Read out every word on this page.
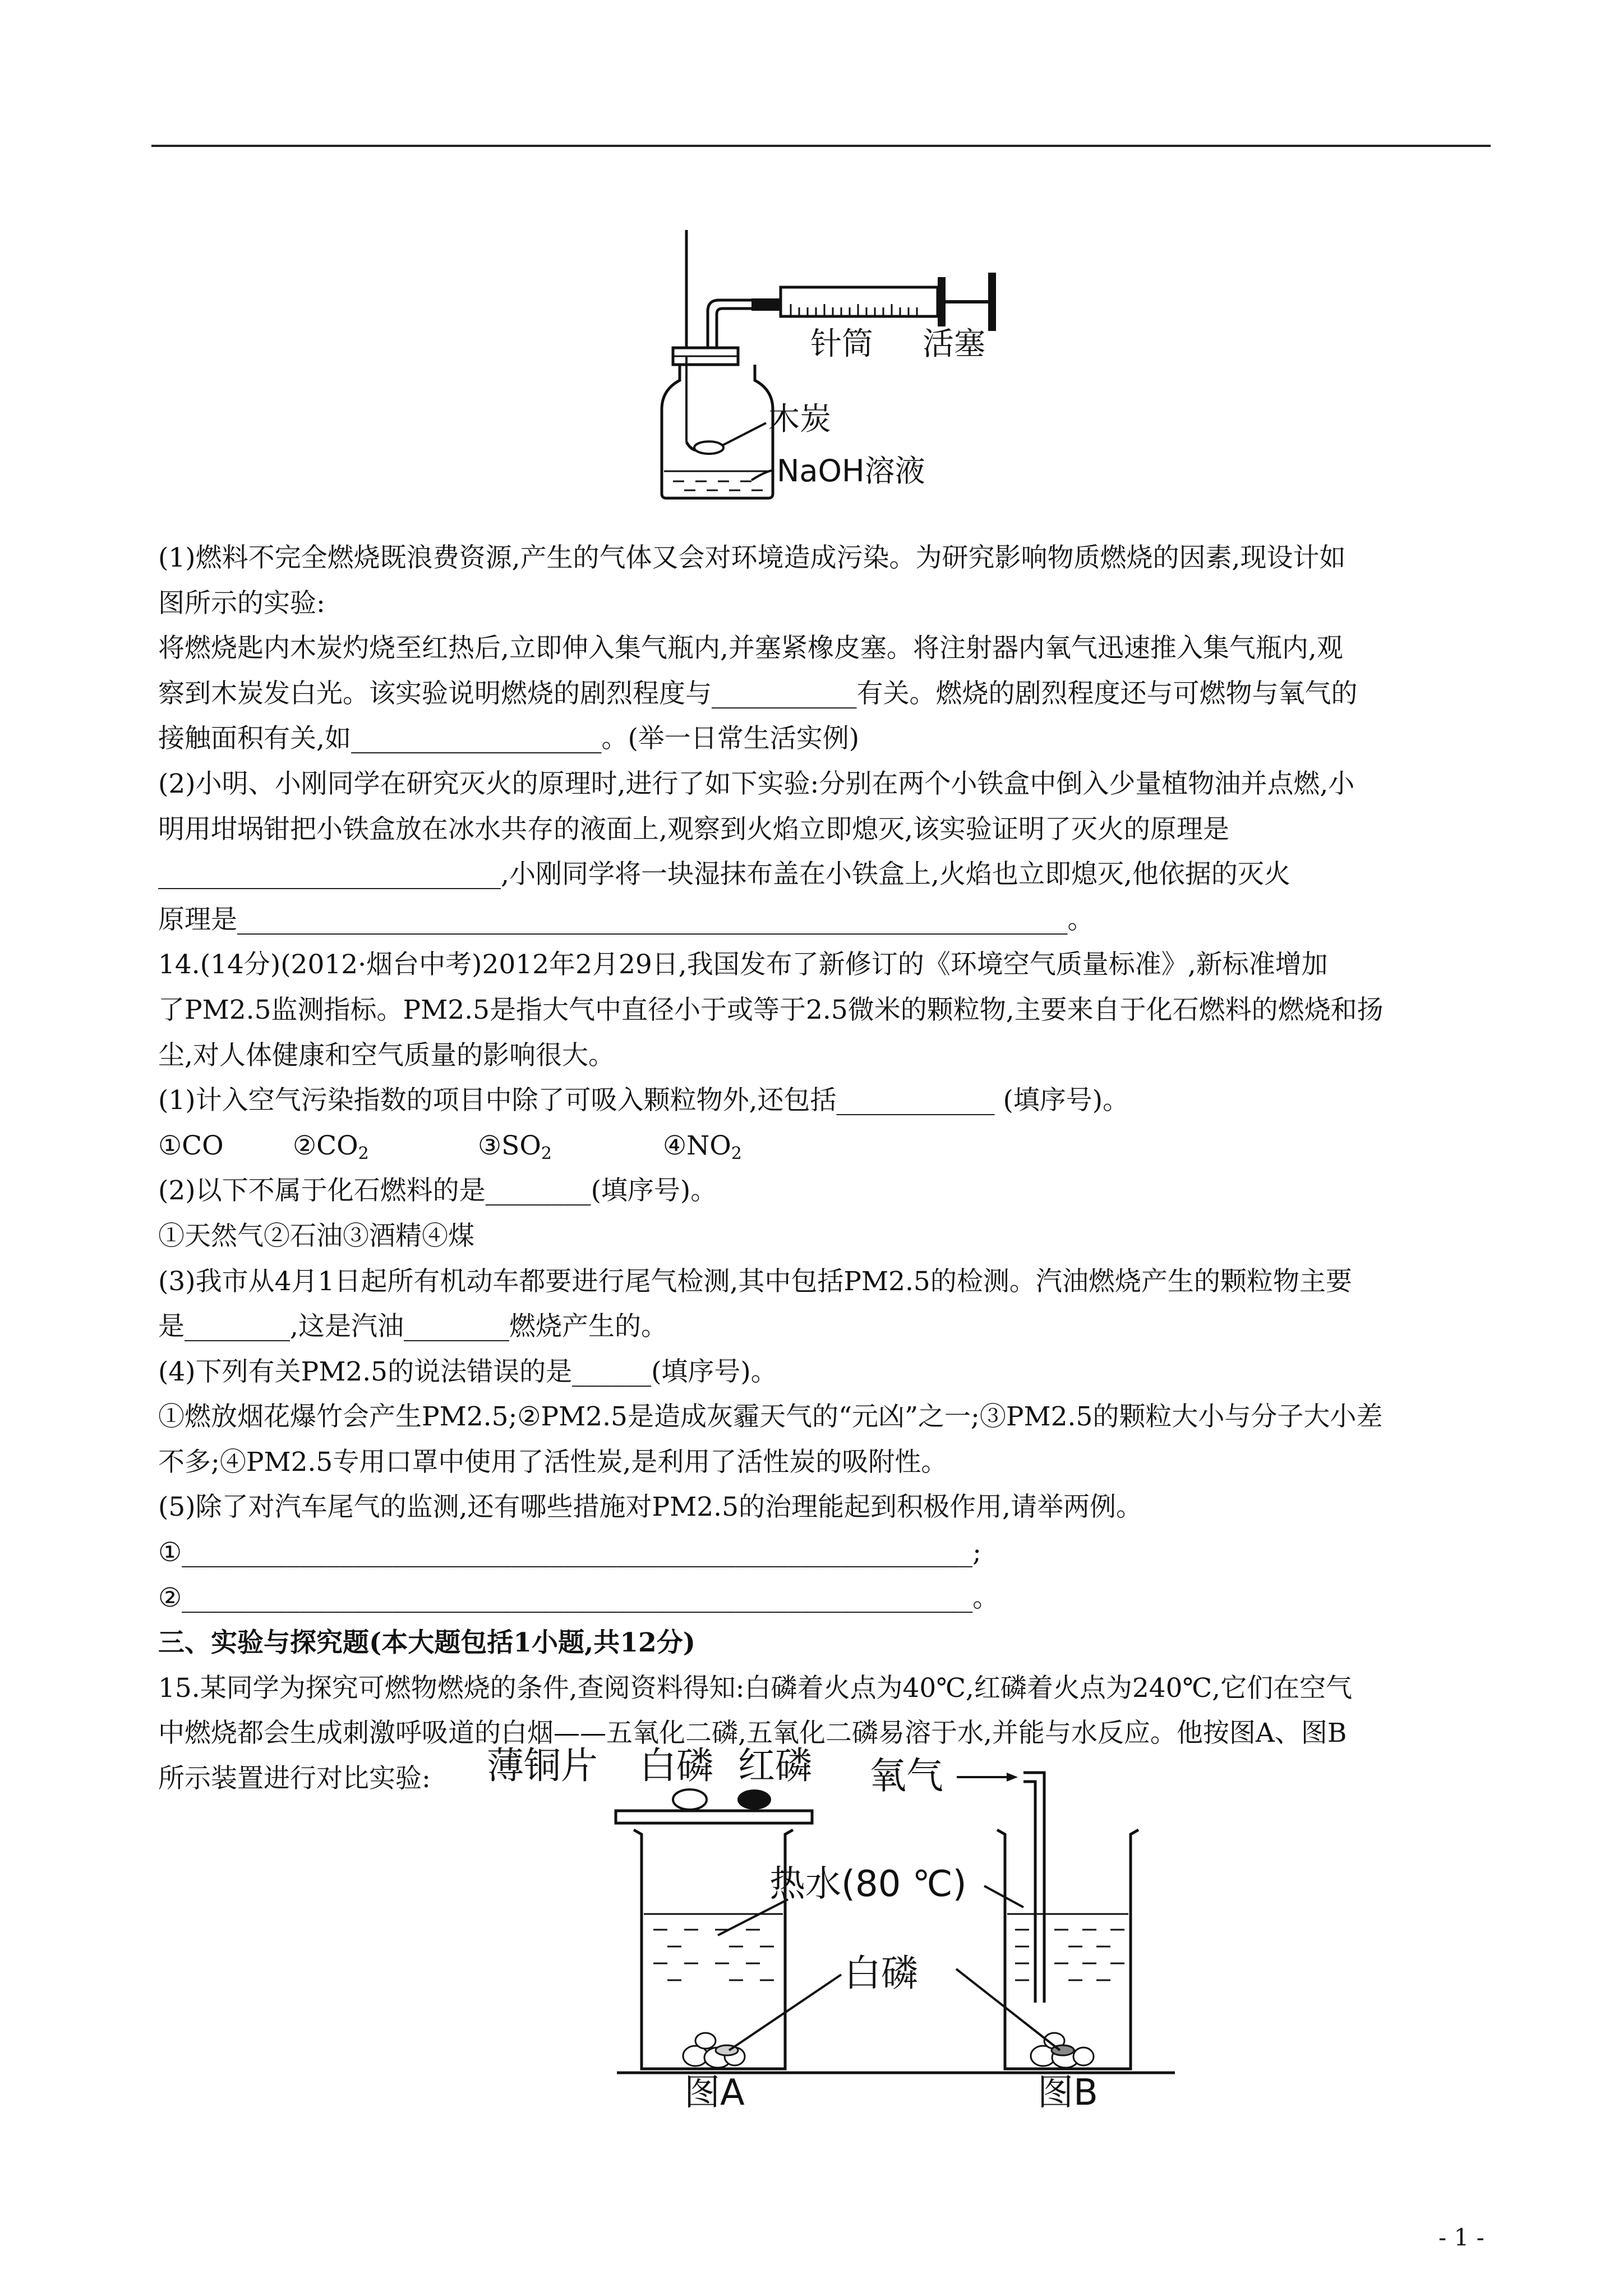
针筒 活塞
木炭
NaOH溶液
(1)燃料不完全燃烧既浪费资源,产生的气体又会对环境造成污染。为研究影响物质燃烧的因素,现设计如
图所示的实验:
将燃烧匙内木炭灼烧至红热后,立即伸入集气瓶内,并塞紧橡皮塞。将注射器内氧气迅速推入集气瓶内,观
察到木炭发白光。该实验说明燃烧的剧烈程度与___________有关。燃烧的剧烈程度还与可燃物与氧气的
接触面积有关,如___________________。(举一日常生活实例)
(2)小明、小刚同学在研究灭火的原理时,进行了如下实验:分别在两个小铁盒中倒入少量植物油并点燃,小
明用坩埚钳把小铁盒放在冰水共存的液面上,观察到火焰立即熄灭,该实验证明了灭火的原理是
__________________________,小刚同学将一块湿抹布盖在小铁盒上,火焰也立即熄灭,他依据的灭火
原理是_______________________________________________________________。
14.(14分)(2012·烟台中考)2012年2月29日,我国发布了新修订的《环境空气质量标准》,新标准增加
了PM2.5监测指标。PM2.5是指大气中直径小于或等于2.5微米的颗粒物,主要来自于化石燃料的燃烧和扬
尘,对人体健康和空气质量的影响很大。
(1)计入空气污染指数的项目中除了可吸入颗粒物外,还包括____________ (填序号)。
①CO	$②CO_2$	$③SO_2$	$④NO_2$
(2)以下不属于化石燃料的是________(填序号)。
①天然气②石油③酒精④煤
(3)我市从4月1日起所有机动车都要进行尾气检测,其中包括PM2.5的检测。汽油燃烧产生的颗粒物主要
是________,这是汽油________燃烧产生的。
(4)下列有关PM2.5的说法错误的是______(填序号)。
①燃放烟花爆竹会产生PM2.5;②PM2.5是造成灰霾天气的“元凶”之一;③PM2.5的颗粒大小与分子大小差
不多;④PM2.5专用口罩中使用了活性炭,是利用了活性炭的吸附性。
(5)除了对汽车尾气的监测,还有哪些措施对PM2.5的治理能起到积极作用,请举两例。
①____________________________________________________________;
②____________________________________________________________。
三、实验与探究题(本大题包括1小题,共12分)
15.某同学为探究可燃物燃烧的条件,查阅资料得知:白磷着火点为40℃,红磷着火点为240℃,它们在空气
中燃烧都会生成刺激呼吸道的白烟——五氧化二磷,五氧化二磷易溶于水,并能与水反应。他按图A、图B
所示装置进行对比实验:	薄铜片 白磷 红磷 氧气
热水(80 ℃)
白磷
图A	图B
- 1 -
